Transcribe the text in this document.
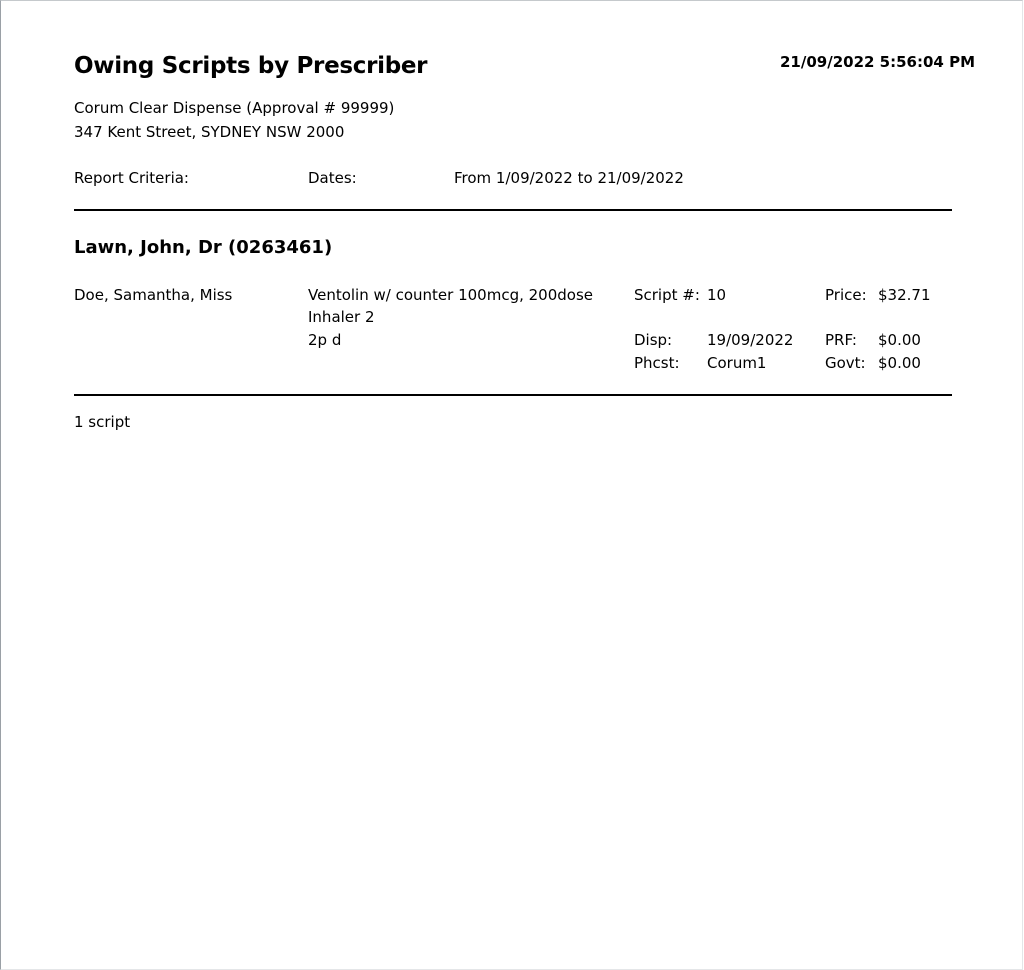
Owing Scripts by Prescriber	21/09/2022 5:56:04 PM
Corum Clear Dispense (Approval # 99999)
347 Kent Street, SYDNEY NSW 2000
Report Criteria:	Dates:	From 1/09/2022 to 21/09/2022
Lawn, John, Dr (0263461)
Doe, Samantha, Miss	Ventolin w/ counter 100mcg, 200dose
Inhaler 2
2p d
Script #: 10	Price: $32.71
Disp: 19/09/2022 PRF: $0.00
Phcst: Corum1	Govt: $0.00
1 script
